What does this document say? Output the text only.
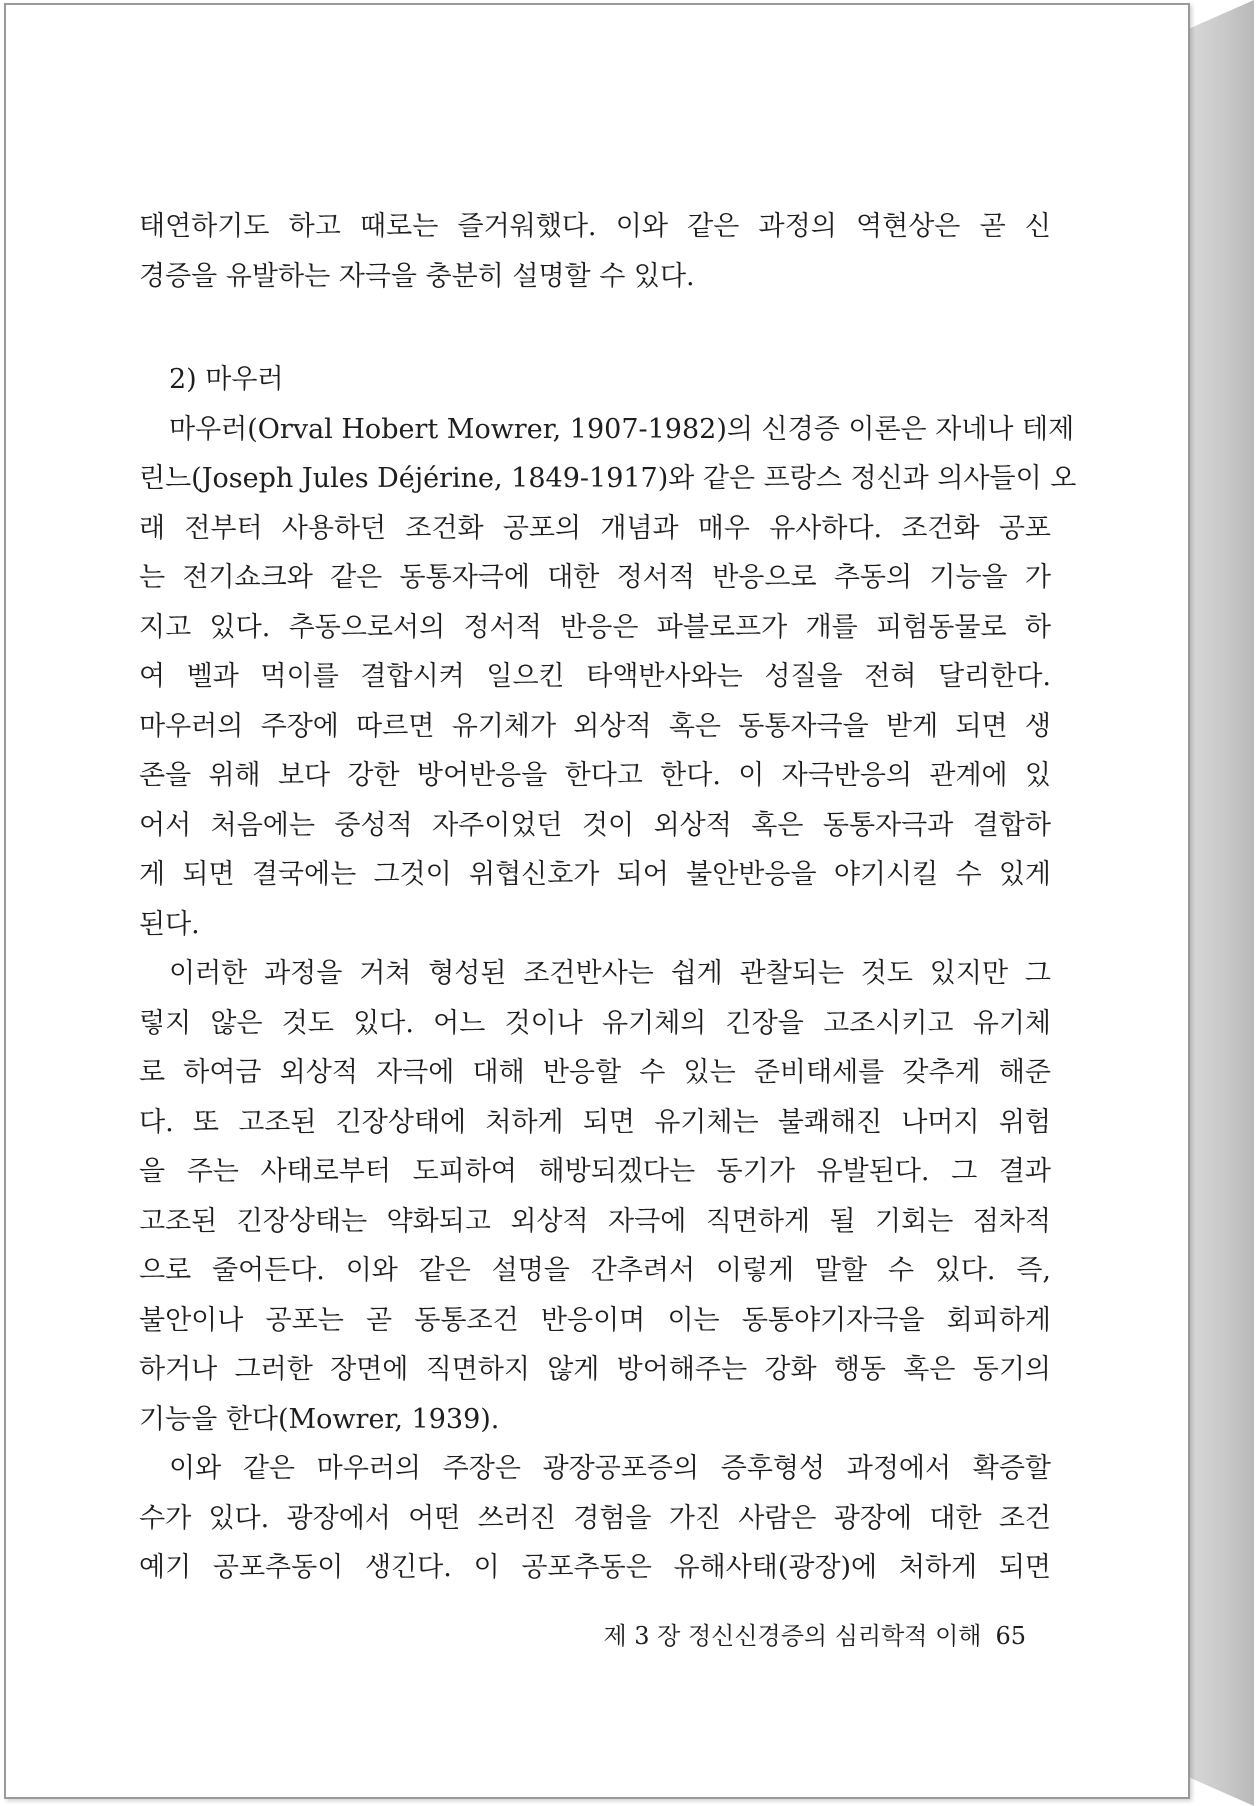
태연하기도 하고 때로는 즐거워했다. 이와 같은 과정의 역현상은 곧 신
경증을 유발하는 자극을 충분히 설명할 수 있다.
2) 마우러
마우러(Orval Hobert Mowrer, 1907-1982)의 신경증 이론은 자네나 테제
린느(Joseph Jules Déjérine, 1849-1917)와 같은 프랑스 정신과 의사들이 오
래 전부터 사용하던 조건화 공포의 개념과 매우 유사하다. 조건화 공포
는 전기쇼크와 같은 동통자극에 대한 정서적 반응으로 추동의 기능을 가
지고 있다. 추동으로서의 정서적 반응은 파블로프가 개를 피험동물로 하
여 벨과 먹이를 결합시켜 일으킨 타액반사와는 성질을 전혀 달리한다.
마우러의 주장에 따르면 유기체가 외상적 혹은 동통자극을 받게 되면 생
존을 위해 보다 강한 방어반응을 한다고 한다. 이 자극반응의 관계에 있
어서 처음에는 중성적 자주이었던 것이 외상적 혹은 동통자극과 결합하
게 되면 결국에는 그것이 위협신호가 되어 불안반응을 야기시킬 수 있게
된다.
이러한 과정을 거쳐 형성된 조건반사는 쉽게 관찰되는 것도 있지만 그
렇지 않은 것도 있다. 어느 것이나 유기체의 긴장을 고조시키고 유기체
로 하여금 외상적 자극에 대해 반응할 수 있는 준비태세를 갖추게 해준
다. 또 고조된 긴장상태에 처하게 되면 유기체는 불쾌해진 나머지 위험
을 주는 사태로부터 도피하여 해방되겠다는 동기가 유발된다. 그 결과
고조된 긴장상태는 약화되고 외상적 자극에 직면하게 될 기회는 점차적
으로 줄어든다. 이와 같은 설명을 간추려서 이렇게 말할 수 있다. 즉,
불안이나 공포는 곧 동통조건 반응이며 이는 동통야기자극을 회피하게
하거나 그러한 장면에 직면하지 않게 방어해주는 강화 행동 혹은 동기의
기능을 한다(Mowrer, 1939).
이와 같은 마우러의 주장은 광장공포증의 증후형성 과정에서 확증할
수가 있다. 광장에서 어떤 쓰러진 경험을 가진 사람은 광장에 대한 조건
예기 공포추동이 생긴다. 이 공포추동은 유해사태(광장)에 처하게 되면
제 3 장 정신신경증의 심리학적 이해 65
